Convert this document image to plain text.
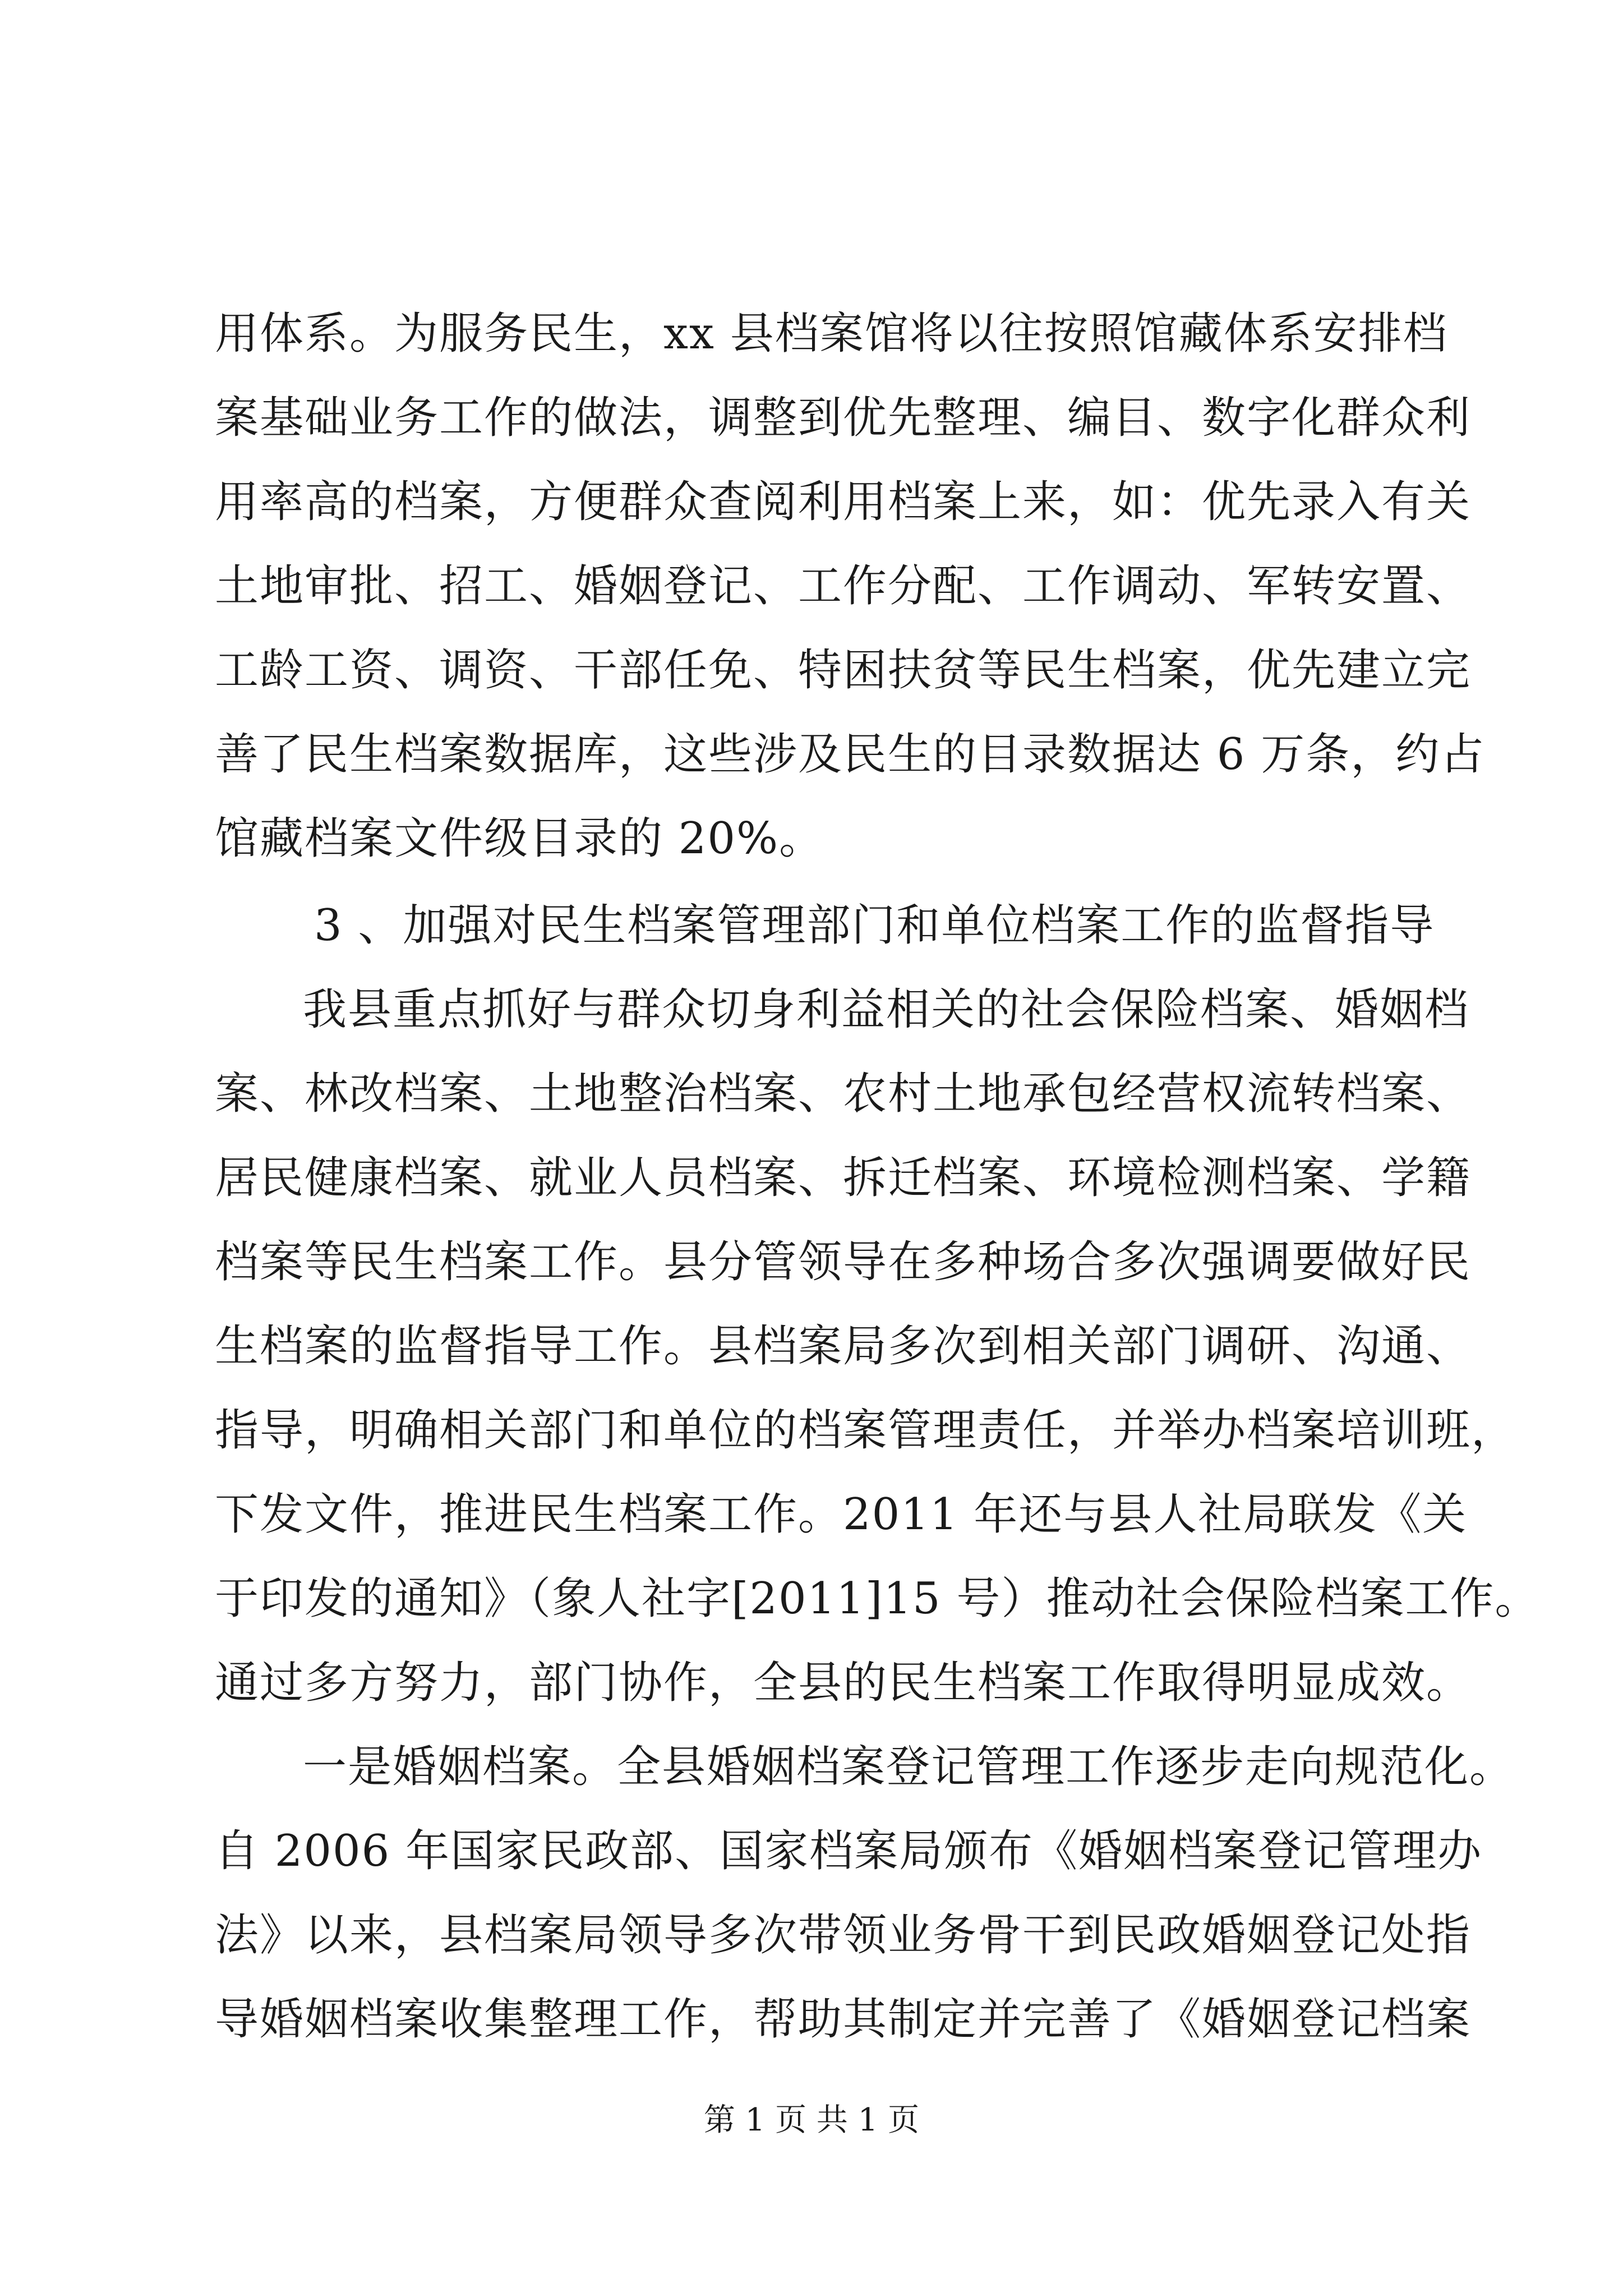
用体系。为服务民生，xx 县档案馆将以往按照馆藏体系安排档
案基础业务工作的做法，调整到优先整理、编目、数字化群众利
用率高的档案，方便群众查阅利用档案上来，如：优先录入有关
土地审批、招工、婚姻登记、工作分配、工作调动、军转安置、
工龄工资、调资、干部任免、特困扶贫等民生档案，优先建立完
善了民生档案数据库，这些涉及民生的目录数据达 6 万条，约占
馆藏档案文件级目录的 20%。
3 、加强对民生档案管理部门和单位档案工作的监督指导
我县重点抓好与群众切身利益相关的社会保险档案、婚姻档
案、林改档案、土地整治档案、农村土地承包经营权流转档案、
居民健康档案、就业人员档案、拆迁档案、环境检测档案、学籍
档案等民生档案工作。县分管领导在多种场合多次强调要做好民
生档案的监督指导工作。县档案局多次到相关部门调研、沟通、
指导，明确相关部门和单位的档案管理责任，并举办档案培训班，
下发文件，推进民生档案工作。2011 年还与县人社局联发《关
于印发的通知》（象人社字[2011]15 号）推动社会保险档案工作。
通过多方努力，部门协作，全县的民生档案工作取得明显成效。
一是婚姻档案。全县婚姻档案登记管理工作逐步走向规范化。
自 2006 年国家民政部、国家档案局颁布《婚姻档案登记管理办
法》以来，县档案局领导多次带领业务骨干到民政婚姻登记处指
导婚姻档案收集整理工作，帮助其制定并完善了《婚姻登记档案
第 1 页 共 1 页
